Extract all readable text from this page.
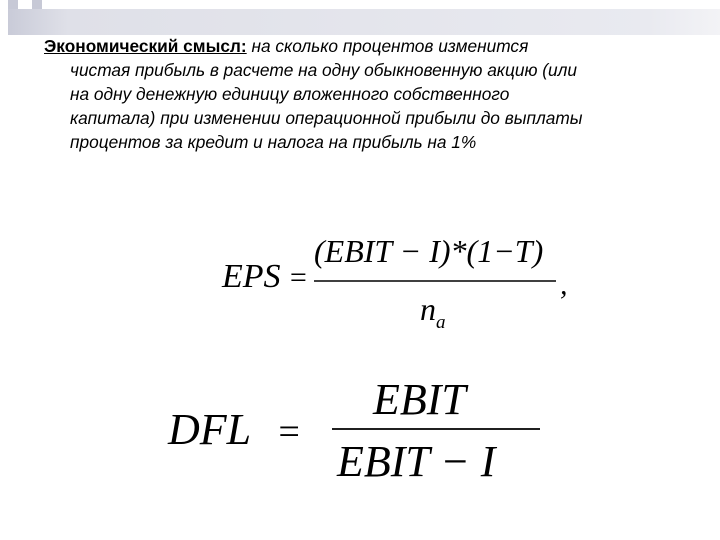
Экономический смысл: на сколько процентов изменится
чистая прибыль в расчете на одну обыкновенную акцию (или
на одну денежную единицу вложенного собственного
капитала) при изменении операционной прибыли до выплаты
процентов за кредит и налога на прибыль на 1%
EPS =
(EBIT − I)*(1−T)
$n_a$
,
DFL =
EBIT
EBIT − I
